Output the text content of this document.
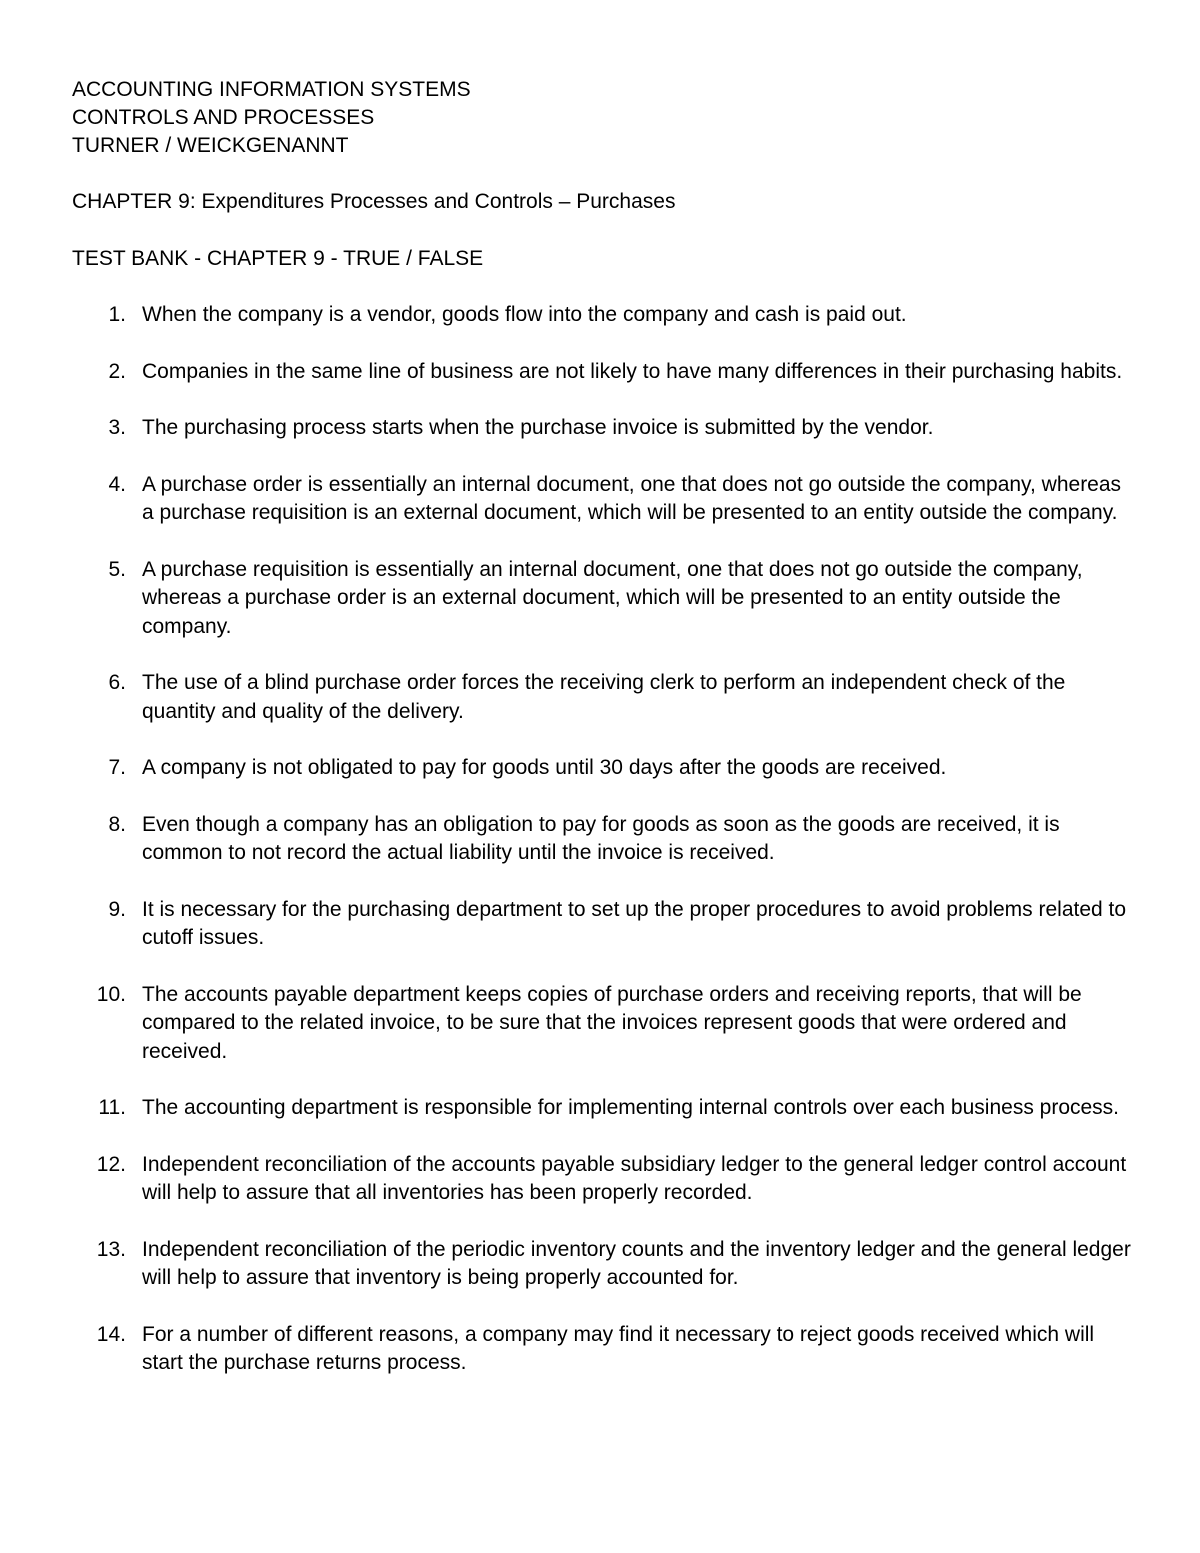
ACCOUNTING INFORMATION SYSTEMS
CONTROLS AND PROCESSES
TURNER / WEICKGENANNT
CHAPTER 9: Expenditures Processes and Controls – Purchases
TEST BANK - CHAPTER 9 - TRUE / FALSE
1. When the company is a vendor, goods flow into the company and cash is paid out.
2. Companies in the same line of business are not likely to have many differences in their purchasing habits.
3. The purchasing process starts when the purchase invoice is submitted by the vendor.
4. A purchase order is essentially an internal document, one that does not go outside the company, whereas a purchase requisition is an external document, which will be presented to an entity outside the company.
5. A purchase requisition is essentially an internal document, one that does not go outside the company, whereas a purchase order is an external document, which will be presented to an entity outside the company.
6. The use of a blind purchase order forces the receiving clerk to perform an independent check of the quantity and quality of the delivery.
7. A company is not obligated to pay for goods until 30 days after the goods are received.
8. Even though a company has an obligation to pay for goods as soon as the goods are received, it is common to not record the actual liability until the invoice is received.
9. It is necessary for the purchasing department to set up the proper procedures to avoid problems related to cutoff issues.
10. The accounts payable department keeps copies of purchase orders and receiving reports, that will be compared to the related invoice, to be sure that the invoices represent goods that were ordered and received.
11. The accounting department is responsible for implementing internal controls over each business process.
12. Independent reconciliation of the accounts payable subsidiary ledger to the general ledger control account will help to assure that all inventories has been properly recorded.
13. Independent reconciliation of the periodic inventory counts and the inventory ledger and the general ledger will help to assure that inventory is being properly accounted for.
14. For a number of different reasons, a company may find it necessary to reject goods received which will start the purchase returns process.
